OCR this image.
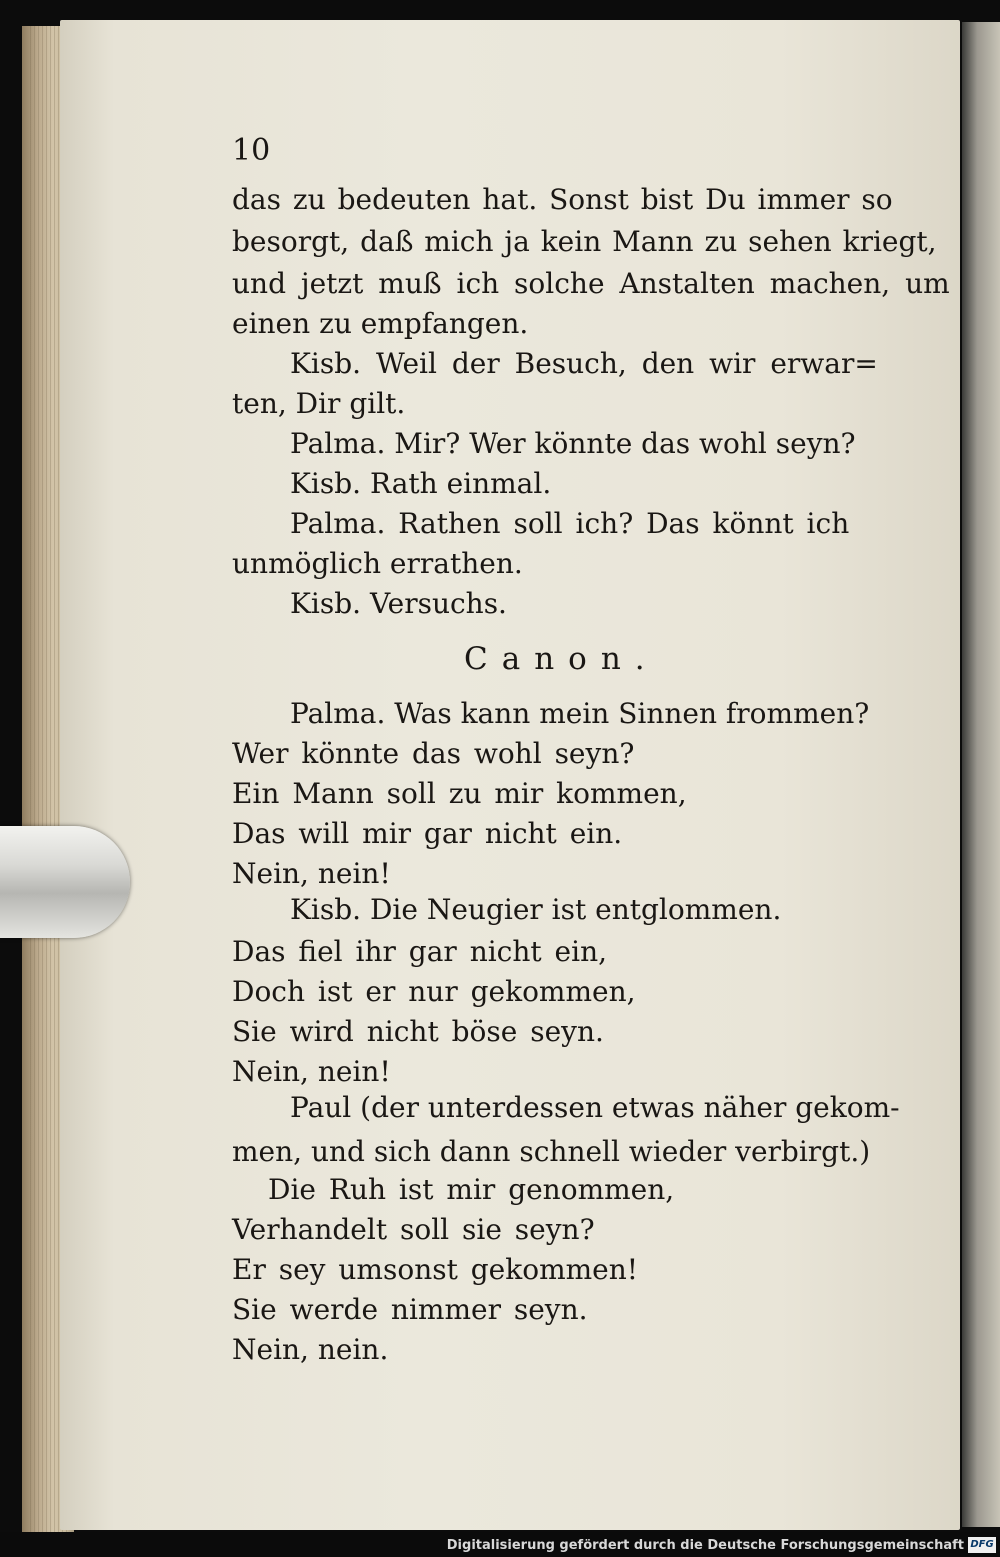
10
das zu bedeuten hat. Sonst bist Du immer so
besorgt, daß mich ja kein Mann zu sehen kriegt,
und jetzt muß ich solche Anstalten machen, um
einen zu empfangen.
Kisb. Weil der Besuch, den wir erwar=
ten, Dir gilt.
Palma. Mir? Wer könnte das wohl seyn?
Kisb. Rath einmal.
Palma. Rathen soll ich? Das könnt ich
unmöglich errathen.
Kisb. Versuchs.
Canon.
Palma. Was kann mein Sinnen frommen?
Wer könnte das wohl seyn?
Ein Mann soll zu mir kommen,
Das will mir gar nicht ein.
Nein, nein!
Kisb. Die Neugier ist entglommen.
Das fiel ihr gar nicht ein,
Doch ist er nur gekommen,
Sie wird nicht böse seyn.
Nein, nein!
Paul (der unterdessen etwas näher gekom-
men, und sich dann schnell wieder verbirgt.)
Die Ruh ist mir genommen,
Verhandelt soll sie seyn?
Er sey umsonst gekommen!
Sie werde nimmer seyn.
Nein, nein.
Digitalisierung gefördert durch die Deutsche Forschungsgemeinschaft DFG
